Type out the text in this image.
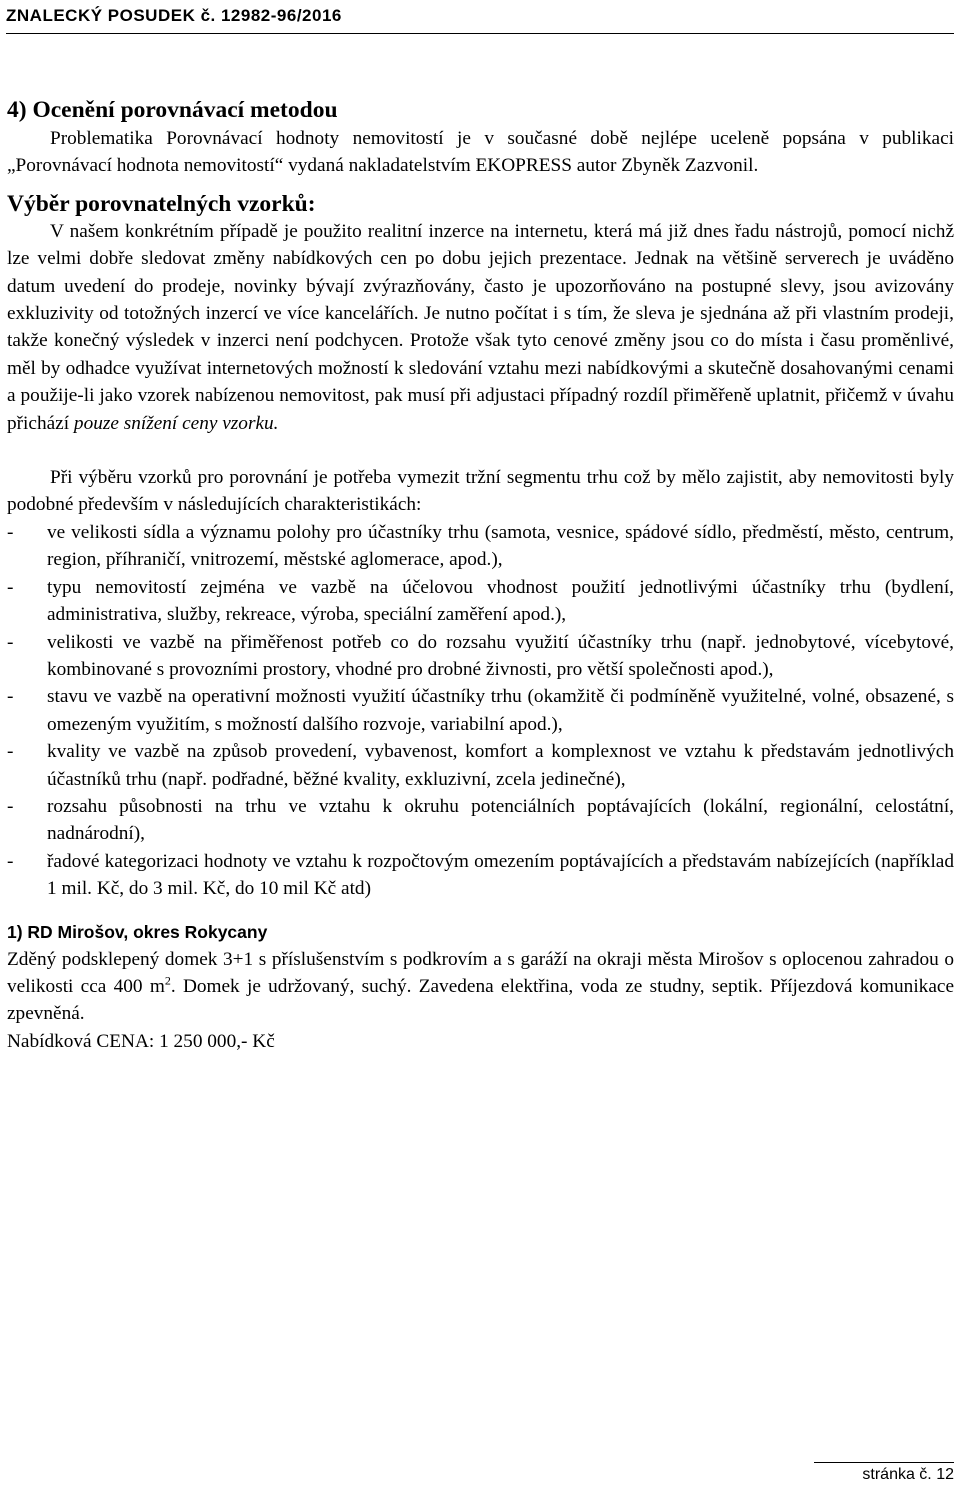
ZNALECKÝ POSUDEK č. 12982-96/2016
4) Ocenění porovnávací metodou

Problematika Porovnávací hodnoty nemovitostí je v současné době nejlépe uceleně popsána v publikaci „Porovnávací hodnota nemovitostí“ vydaná nakladatelstvím EKOPRESS autor Zbyněk Zazvonil.

Výběr porovnatelných vzorků:

V našem konkrétním případě je použito realitní inzerce na internetu, která má již dnes řadu nástrojů, pomocí nichž lze velmi dobře sledovat změny nabídkových cen po dobu jejich prezentace. Jednak na většině serverech je uváděno datum uvedení do prodeje, novinky bývají zvýrazňovány, často je upozorňováno na postupné slevy, jsou avizovány exkluzivity od totožných inzercí ve více kancelářích. Je nutno počítat i s tím, že sleva je sjednána až při vlastním prodeji, takže konečný výsledek v inzerci není podchycen. Protože však tyto cenové změny jsou co do místa i času proměnlivé, měl by odhadce využívat internetových možností k sledování vztahu mezi nabídkovými a skutečně dosahovanými cenami a použije-li jako vzorek nabízenou nemovitost, pak musí při adjustaci případný rozdíl přiměřeně uplatnit, přičemž v úvahu přichází pouze snížení ceny vzorku.

Při výběru vzorků pro porovnání je potřeba vymezit tržní segmentu trhu což by mělo zajistit, aby nemovitosti byly podobné především v následujících charakteristikách:

- ve velikosti sídla a významu polohy pro účastníky trhu (samota, vesnice, spádové sídlo, předměstí, město, centrum, region, příhraničí, vnitrozemí, městské aglomerace, apod.),
- typu nemovitostí zejména ve vazbě na účelovou vhodnost použití jednotlivými účastníky trhu (bydlení, administrativa, služby, rekreace, výroba, speciální zaměření apod.),
- velikosti ve vazbě na přiměřenost potřeb co do rozsahu využití účastníky trhu (např. jednobytové, vícebytové, kombinované s provozními prostory, vhodné pro drobné živnosti, pro větší společnosti apod.),
- stavu ve vazbě na operativní možnosti využití účastníky trhu (okamžitě či podmíněně využitelné, volné, obsazené, s omezeným využitím, s možností dalšího rozvoje, variabilní apod.),
- kvality ve vazbě na způsob provedení, vybavenost, komfort a komplexnost ve vztahu k představám jednotlivých účastníků trhu (např. podřadné, běžné kvality, exkluzivní, zcela jedinečné),
- rozsahu působnosti na trhu ve vztahu k okruhu potenciálních poptávajících (lokální, regionální, celostátní, nadnárodní),
- řadové kategorizaci hodnoty ve vztahu k rozpočtovým omezením poptávajících a představám nabízejících (například 1 mil. Kč, do 3 mil. Kč, do 10 mil Kč atd)
1) RD Mirošov, okres Rokycany

Zděný podsklepený domek 3+1 s příslušenstvím s podkrovím a s garáží na okraji města Mirošov s oplocenou zahradou o velikosti cca 400 $m^2$. Domek je udržovaný, suchý. Zavedena elektřina, voda ze studny, septik. Příjezdová komunikace zpevněná.

Nabídková CENA: 1 250 000,- Kč

stránka č. 12
